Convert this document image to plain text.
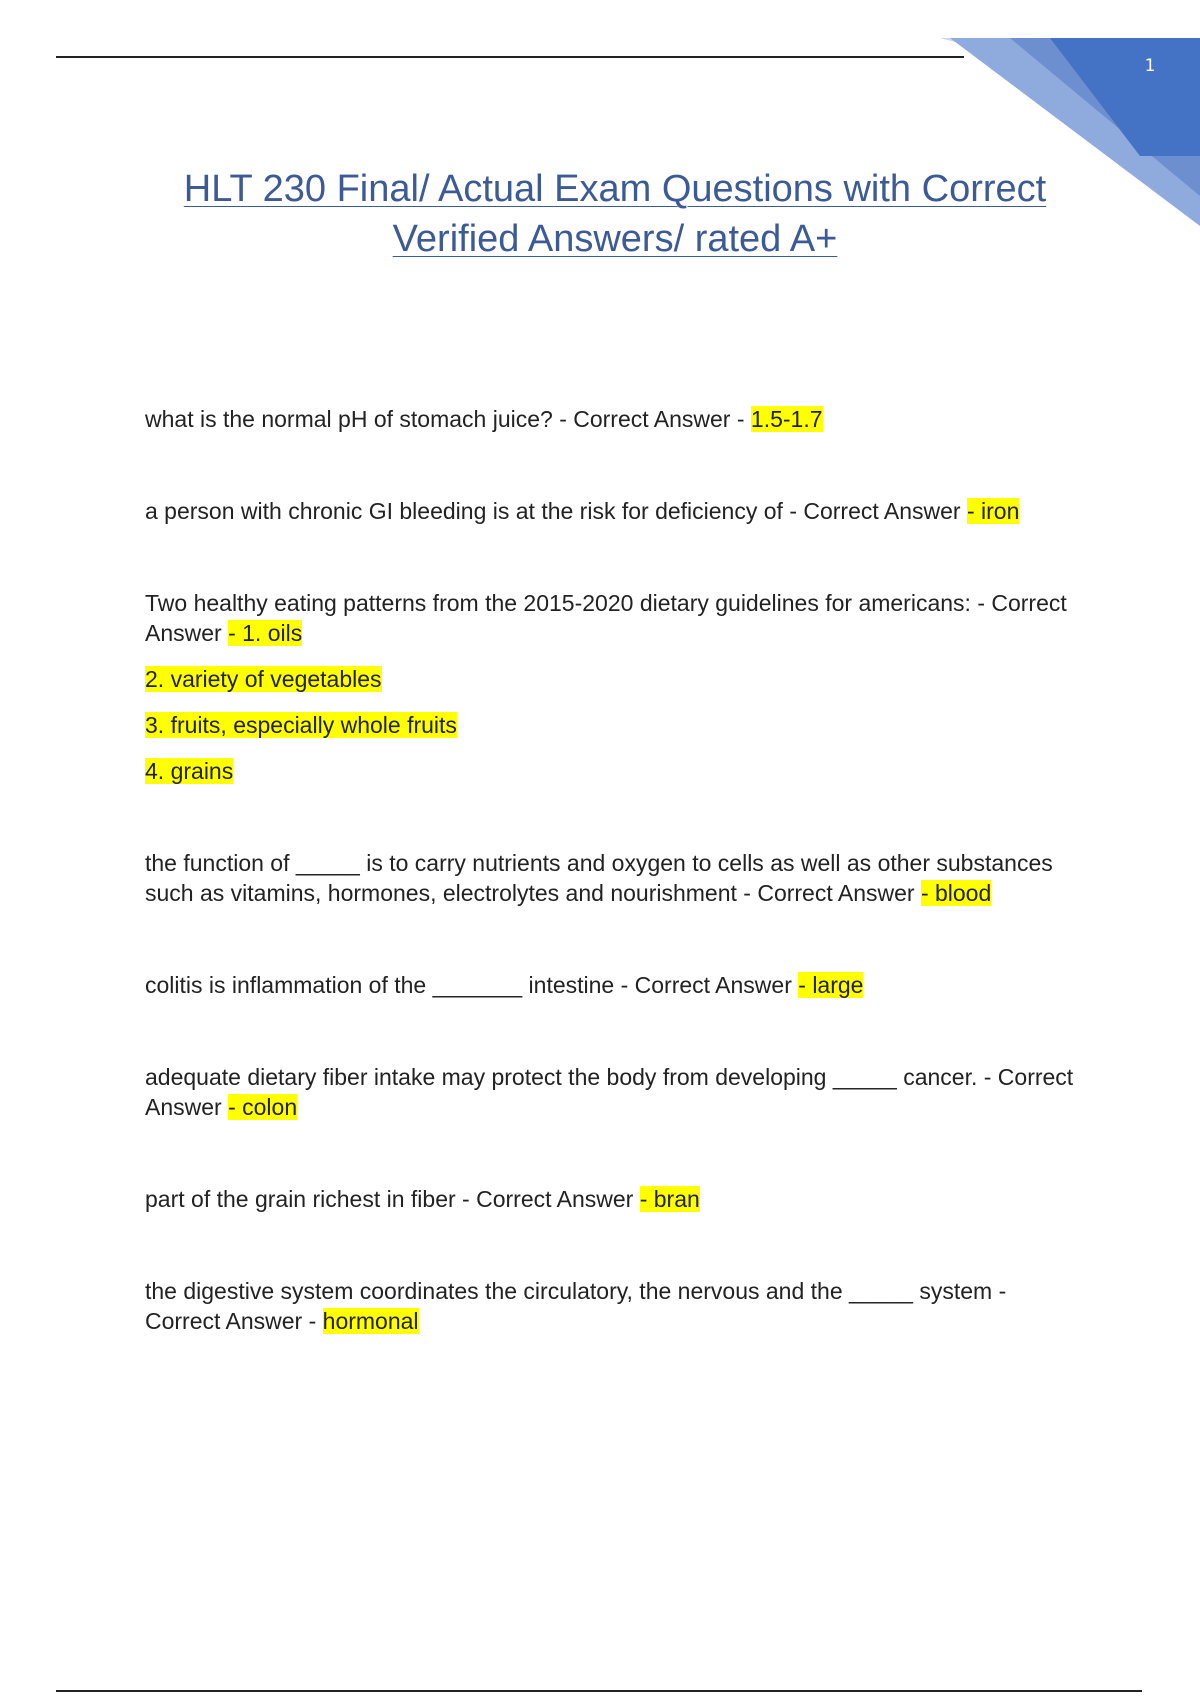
1
HLT 230 Final/ Actual Exam Questions with Correct
Verified Answers/ rated A+
what is the normal pH of stomach juice? - Correct Answer - 1.5-1.7
a person with chronic GI bleeding is at the risk for deficiency of - Correct Answer - iron
Two healthy eating patterns from the 2015-2020 dietary guidelines for americans: - Correct Answer - 1. oils
2. variety of vegetables
3. fruits, especially whole fruits
4. grains
the function of _____ is to carry nutrients and oxygen to cells as well as other substances such as vitamins, hormones, electrolytes and nourishment - Correct Answer - blood
colitis is inflammation of the _______ intestine - Correct Answer - large
adequate dietary fiber intake may protect the body from developing _____ cancer. - Correct Answer - colon
part of the grain richest in fiber - Correct Answer - bran
the digestive system coordinates the circulatory, the nervous and the _____ system - Correct Answer - hormonal
